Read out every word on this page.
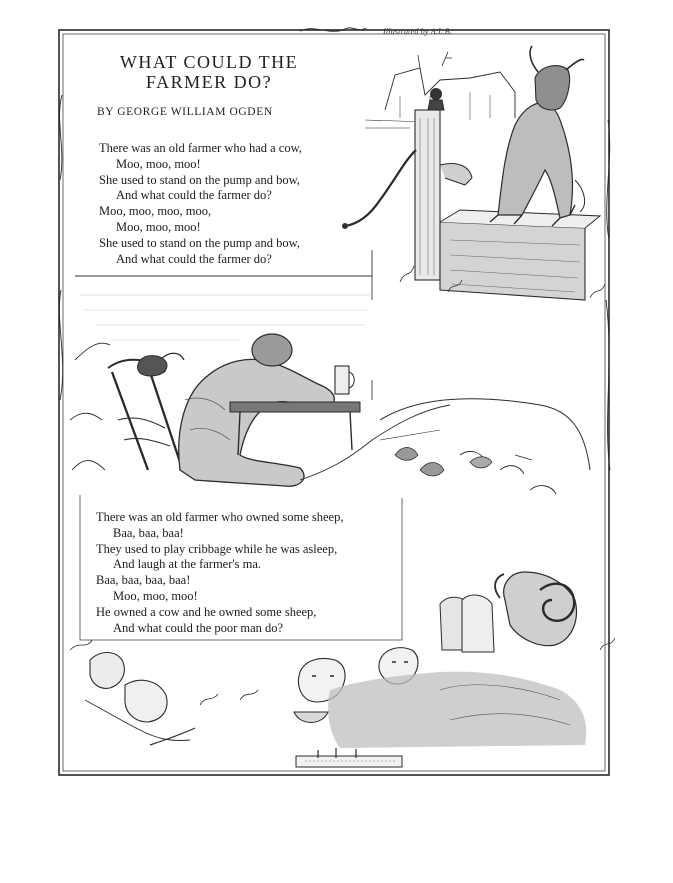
Illustrated by A.L.B.
WHAT COULD THE
FARMER DO?
BY GEORGE WILLIAM OGDEN
There was an old farmer who had a cow,
Moo, moo, moo!
She used to stand on the pump and bow,
And what could the farmer do?
Moo, moo, moo, moo,
Moo, moo, moo!
She used to stand on the pump and bow,
And what could the farmer do?
There was an old farmer who owned some sheep,
Baa, baa, baa!
They used to play cribbage while he was asleep,
And laugh at the farmer's ma.
Baa, baa, baa, baa!
Moo, moo, moo!
He owned a cow and he owned some sheep,
And what could the poor man do?
